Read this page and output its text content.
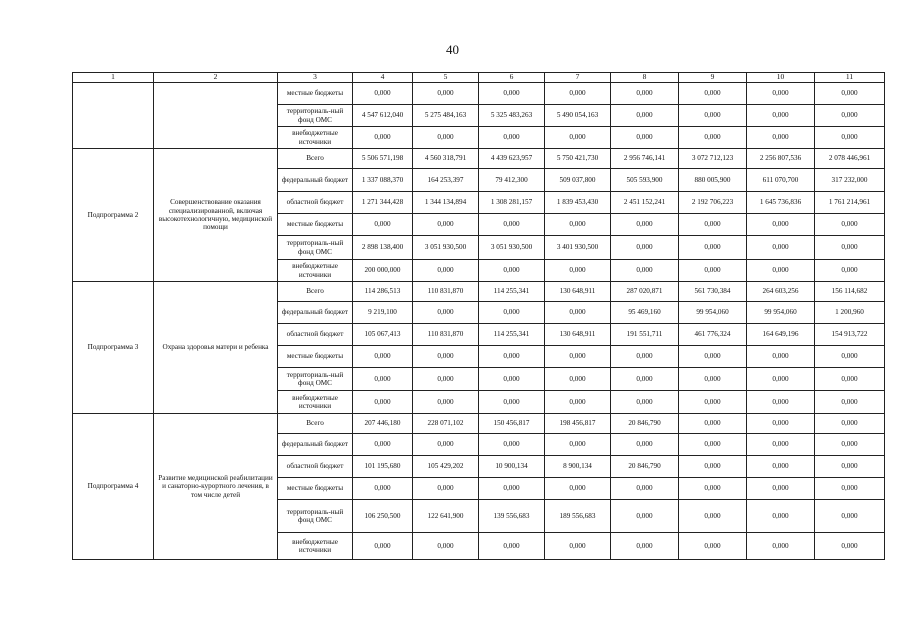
40
1	2	3	4	5	6	7	8	9	10	11
		местные бюджеты	0,000	0,000	0,000	0,000	0,000	0,000	0,000	0,000
		территориаль-ный фонд ОМС	4 547 612,040	5 275 484,163	5 325 483,263	5 490 054,163	0,000	0,000	0,000	0,000
		внебюджетные источники	0,000	0,000	0,000	0,000	0,000	0,000	0,000	0,000
Подпрограмма 2	Совершенствование оказания специализированной, включая высокотехнологичную, медицинской помощи	Всего	5 506 571,198	4 560 318,791	4 439 623,957	5 750 421,730	2 956 746,141	3 072 712,123	2 256 807,536	2 078 446,961
		федеральный бюджет	1 337 088,370	164 253,397	79 412,300	509 037,800	505 593,900	880 005,900	611 070,700	317 232,000
		областной бюджет	1 271 344,428	1 344 134,894	1 308 281,157	1 839 453,430	2 451 152,241	2 192 706,223	1 645 736,836	1 761 214,961
		местные бюджеты	0,000	0,000	0,000	0,000	0,000	0,000	0,000	0,000
		территориаль-ный фонд ОМС	2 898 138,400	3 051 930,500	3 051 930,500	3 401 930,500	0,000	0,000	0,000	0,000
		внебюджетные источники	200 000,000	0,000	0,000	0,000	0,000	0,000	0,000	0,000
Подпрограмма 3	Охрана здоровья матери и ребенка	Всего	114 286,513	110 831,870	114 255,341	130 648,911	287 020,871	561 730,384	264 603,256	156 114,682
		федеральный бюджет	9 219,100	0,000	0,000	0,000	95 469,160	99 954,060	99 954,060	1 200,960
		областной бюджет	105 067,413	110 831,870	114 255,341	130 648,911	191 551,711	461 776,324	164 649,196	154 913,722
		местные бюджеты	0,000	0,000	0,000	0,000	0,000	0,000	0,000	0,000
		территориаль-ный фонд ОМС	0,000	0,000	0,000	0,000	0,000	0,000	0,000	0,000
		внебюджетные источники	0,000	0,000	0,000	0,000	0,000	0,000	0,000	0,000
Подпрограмма 4	Развитие медицинской реабилитации и санаторно-курортного лечения, в том числе детей	Всего	207 446,180	228 071,102	150 456,817	198 456,817	20 846,790	0,000	0,000	0,000
		федеральный бюджет	0,000	0,000	0,000	0,000	0,000	0,000	0,000	0,000
		областной бюджет	101 195,680	105 429,202	10 900,134	8 900,134	20 846,790	0,000	0,000	0,000
		местные бюджеты	0,000	0,000	0,000	0,000	0,000	0,000	0,000	0,000
		территориаль-ный фонд ОМС	106 250,500	122 641,900	139 556,683	189 556,683	0,000	0,000	0,000	0,000
		внебюджетные источники	0,000	0,000	0,000	0,000	0,000	0,000	0,000	0,000
